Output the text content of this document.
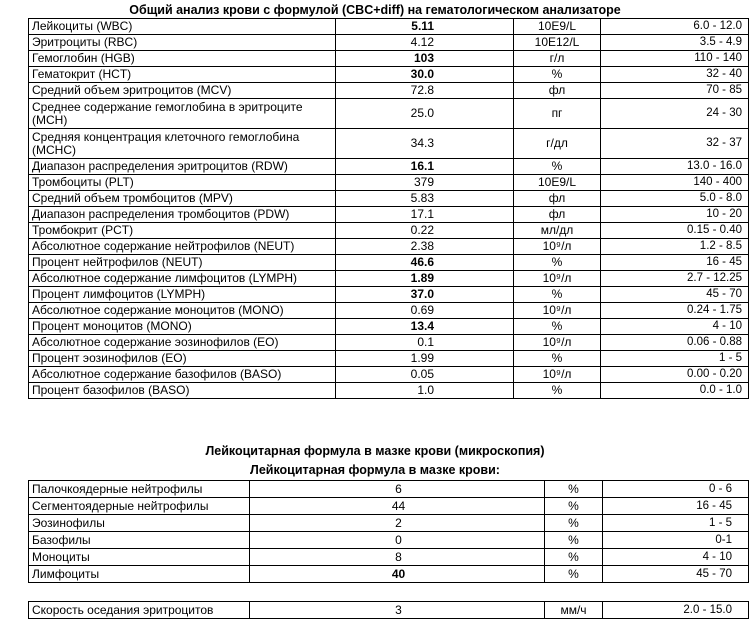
Общий анализ крови с формулой (CBC+diff) на гематологическом анализаторе
Лейкоциты (WBC)	5.11	10E9/L	6.0 - 12.0
Эритроциты (RBC)	4.12	10E12/L	3.5 - 4.9
Гемоглобин (HGB)	103	г/л	110 - 140
Гематокрит (HCT)	30.0	%	32 - 40
Средний объем эритроцитов (MCV)	72.8	фл	70 - 85
Среднее содержание гемоглобина в эритроците (MCH)	25.0	пг	24 - 30
Средняя концентрация клеточного гемоглобина (MCHC)	34.3	г/дл	32 - 37
Диапазон распределения эритроцитов (RDW)	16.1	%	13.0 - 16.0
Тромбоциты (PLT)	379	10E9/L	140 - 400
Средний объем тромбоцитов (MPV)	5.83	фл	5.0 - 8.0
Диапазон распределения тромбоцитов (PDW)	17.1	фл	10 - 20
Тромбокрит (PCT)	0.22	мл/дл	0.15 - 0.40
Абсолютное содержание нейтрофилов (NEUT)	2.38	10⁹/л	1.2 - 8.5
Процент нейтрофилов (NEUT)	46.6	%	16 - 45
Абсолютное содержание лимфоцитов (LYMPH)	1.89	10⁹/л	2.7 - 12.25
Процент лимфоцитов (LYMPH)	37.0	%	45 - 70
Абсолютное содержание моноцитов (MONO)	0.69	10⁹/л	0.24 - 1.75
Процент моноцитов (MONO)	13.4	%	4 - 10
Абсолютное содержание эозинофилов (EO)	0.1	10⁹/л	0.06 - 0.88
Процент эозинофилов (EO)	1.99	%	1 - 5
Абсолютное содержание базофилов (BASO)	0.05	10⁹/л	0.00 - 0.20
Процент базофилов (BASO)	1.0	%	0.0 - 1.0
Лейкоцитарная формула в мазке крови (микроскопия)
Лейкоцитарная формула в мазке крови:
Палочкоядерные нейтрофилы	6	%	0 - 6
Сегментоядерные нейтрофилы	44	%	16 - 45
Эозинофилы	2	%	1 - 5
Базофилы	0	%	0-1
Моноциты	8	%	4 - 10
Лимфоциты	40	%	45 - 70
Скорость оседания эритроцитов	3	мм/ч	2.0 - 15.0
